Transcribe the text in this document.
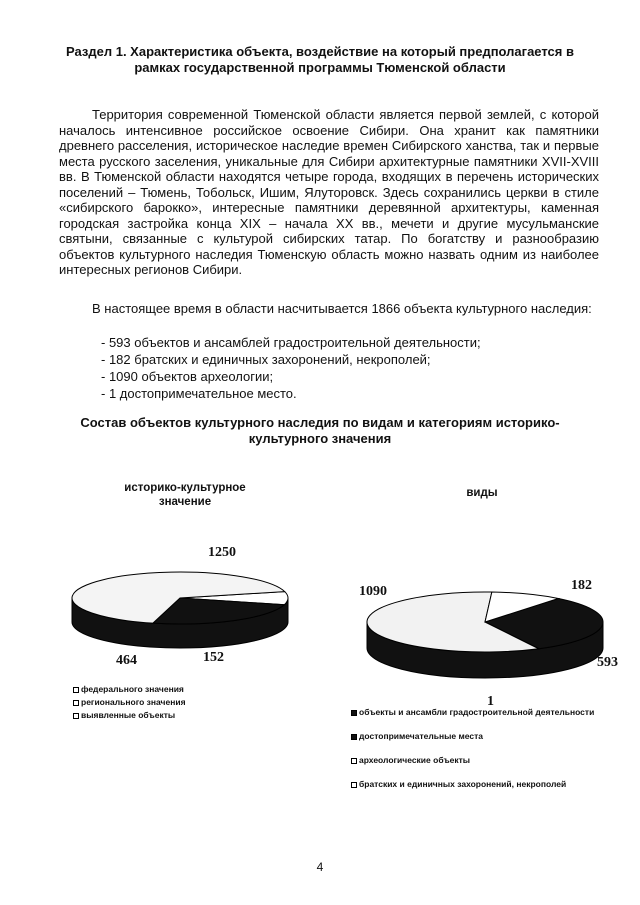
Раздел 1. Характеристика объекта, воздействие на который предполагается в рамках государственной программы Тюменской области
Территория современной Тюменской области является первой землей, с которой началось интенсивное российское освоение Сибири. Она хранит как памятники древнего расселения, историческое наследие времен Сибирского ханства, так и первые места русского заселения, уникальные для Сибири архитектурные памятники XVII-XVIII вв. В Тюменской области находятся четыре города, входящих в перечень исторических поселений – Тюмень, Тобольск, Ишим, Ялуторовск. Здесь сохранились церкви в стиле «сибирского барокко», интересные памятники деревянной архитектуры, каменная городская застройка конца XIX – начала XX вв., мечети и другие мусульманские святыни, связанные с культурой сибирских татар. По богатству и разнообразию объектов культурного наследия Тюменскую область можно назвать одним из наиболее интересных регионов Сибири.
В настоящее время в области насчитывается 1866 объекта культурного наследия:
- 593 объектов и ансамблей градостроительной деятельности;
- 182 братских и единичных захоронений, некрополей;
- 1090 объектов археологии;
- 1 достопримечательное место.
Состав объектов культурного наследия по видам и категориям историко-культурного значения
историко-культурное значение
1250
464	152
федерального значения
регионального значения
выявленные объекты
виды
1090	182
593
1
объекты и ансамбли градостроительной деятельности
достопримечательные места
археологические объекты
братских и единичных захоронений, некрополей
4
